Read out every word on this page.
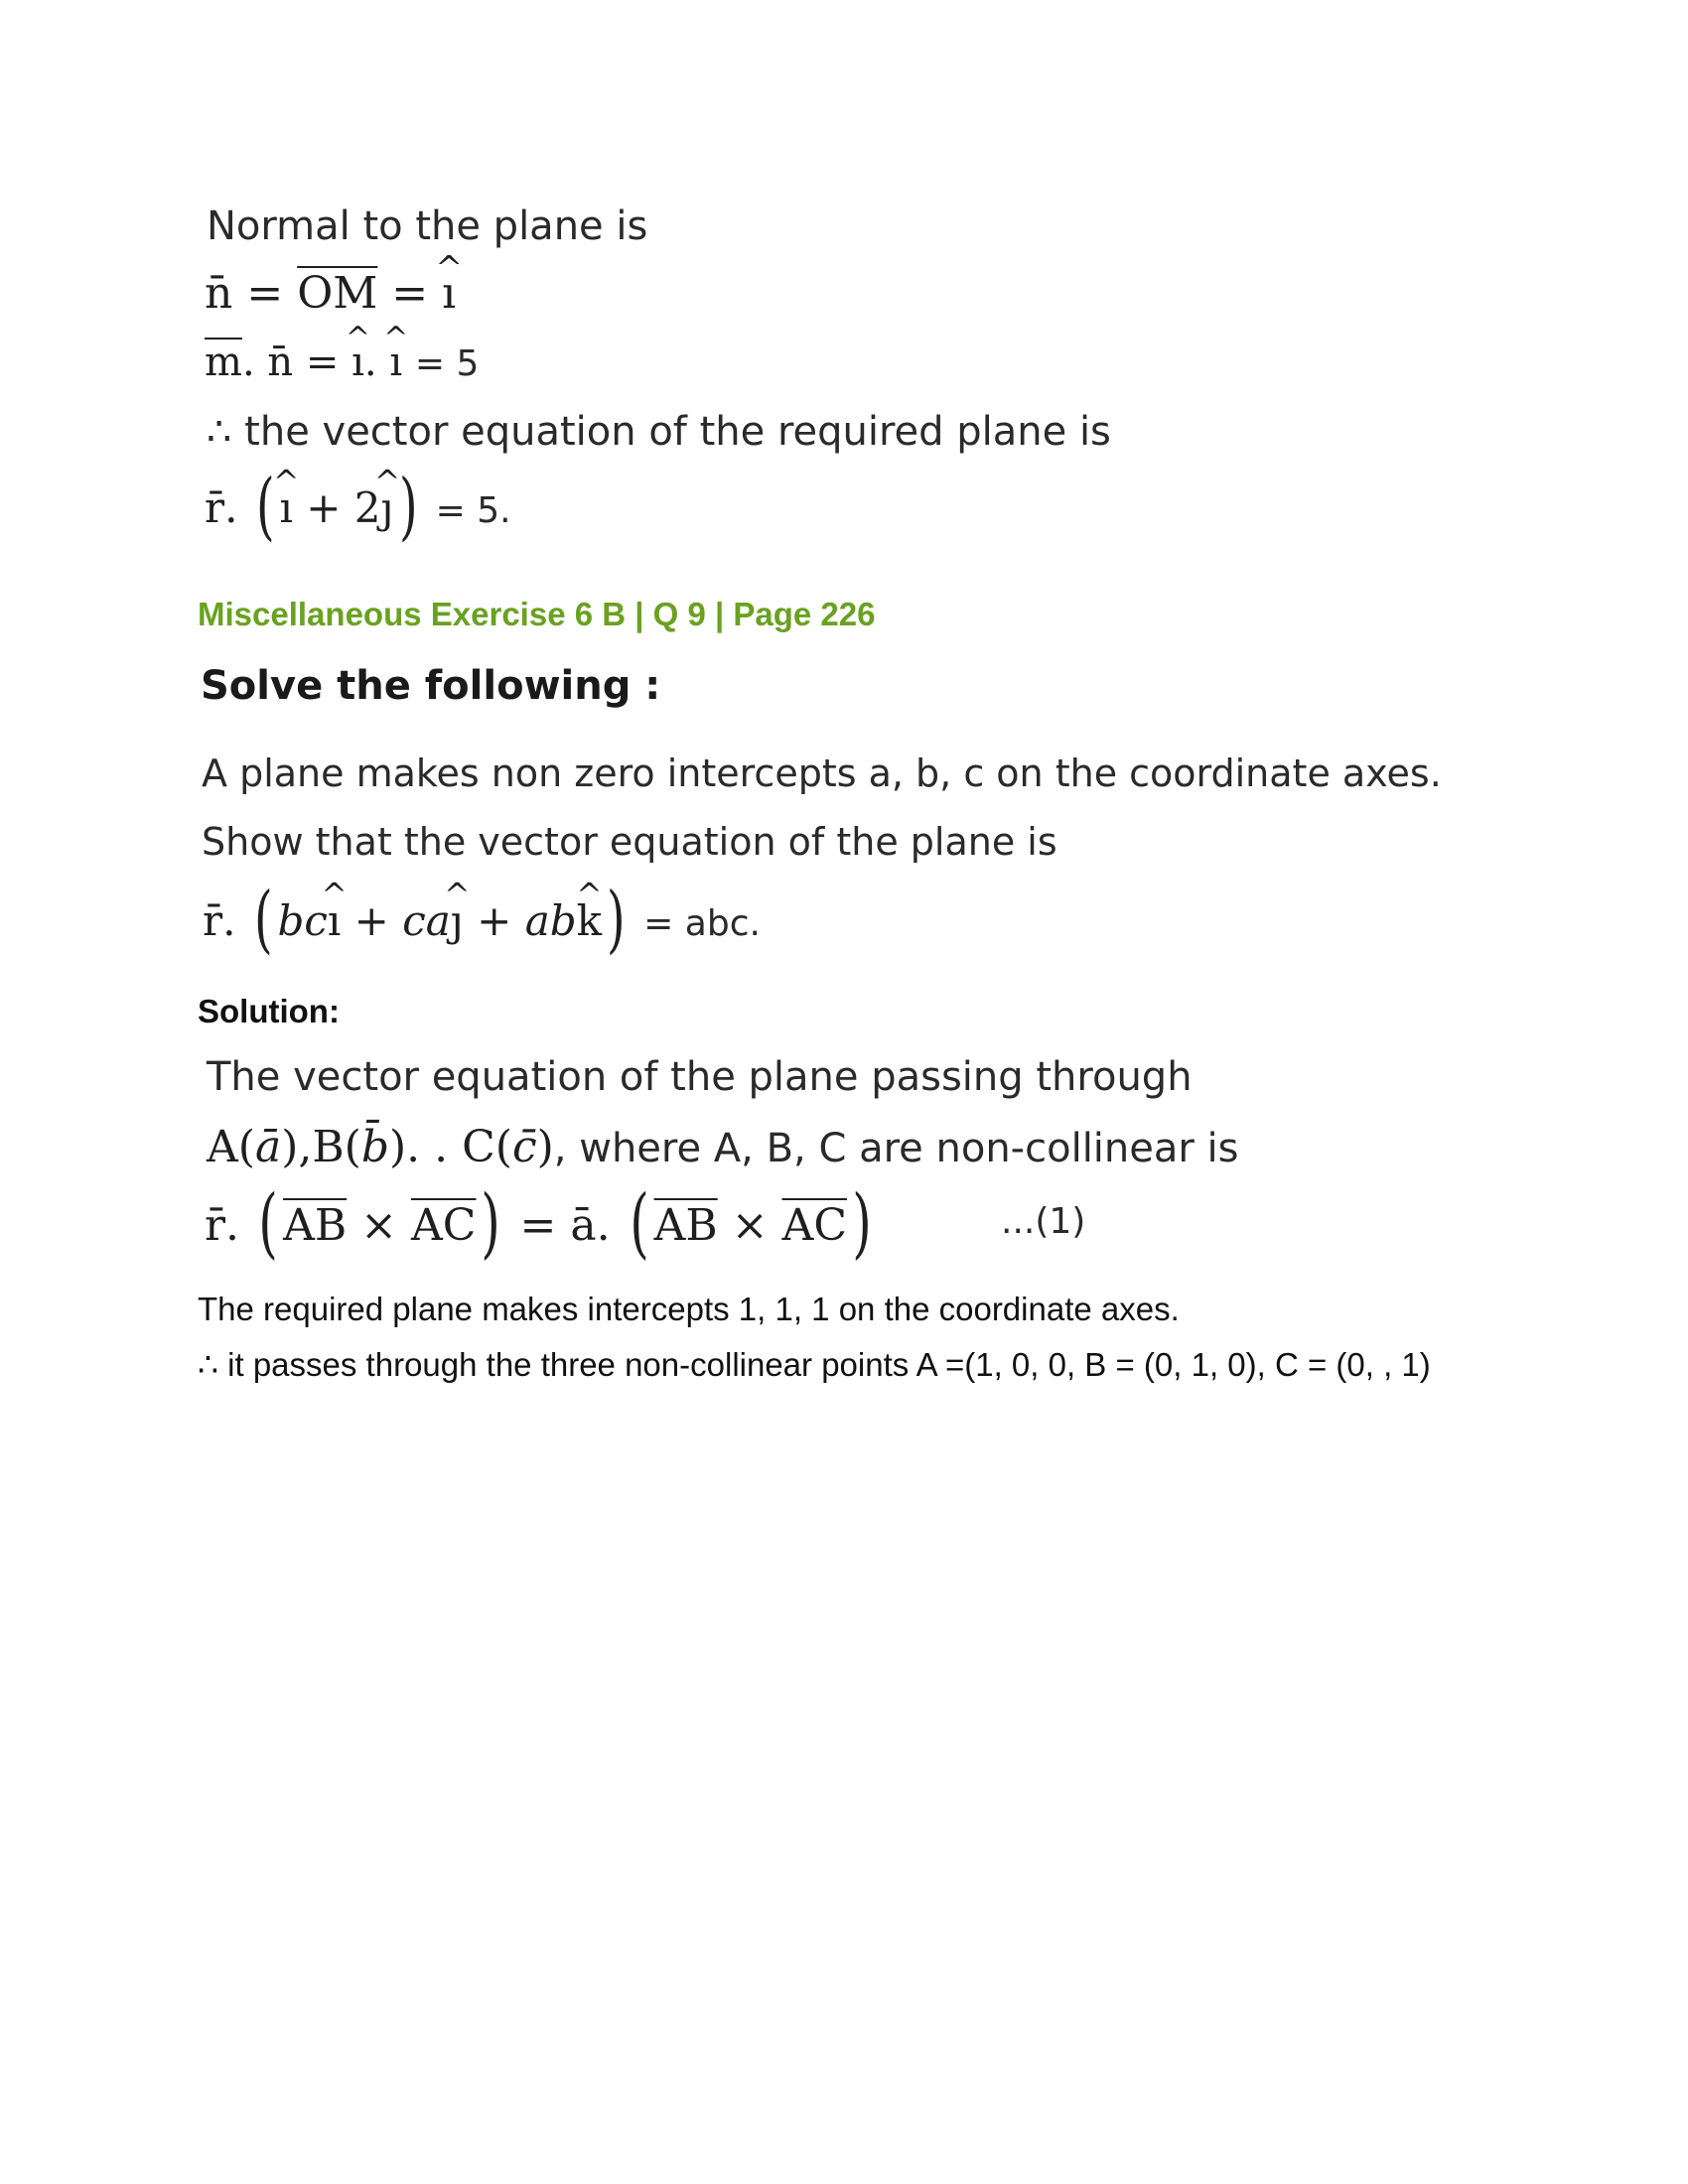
Normal to the plane is
n̄ = $\overline{OM}$ = ^ ı
$\overline{m}$. n̄ = ^ ı. ^ ı = 5
∴ the vector equation of the required plane is
r̄. ( ^ ı + 2^ ȷ) = 5.
Miscellaneous Exercise 6 B | Q 9 | Page 226
Solve the following :
A plane makes non zero intercepts a, b, c on the coordinate axes.
Show that the vector equation of the plane is
r̄. ( bc^ ı + ca^ ȷ + ab^ k) = abc.
Solution:
The vector equation of the plane passing through
A(ā),B(b̄). . C(c̄), where A, B, C are non-collinear is
r̄. ( $\overline{AB} \times \overline{AC}$) = ā. ( $\overline{AB} \times \overline{AC}$)	...(1)
The required plane makes intercepts 1, 1, 1 on the coordinate axes.
∴ it passes through the three non-collinear points A =(1, 0, 0, B = (0, 1, 0), C = (0, , 1)
